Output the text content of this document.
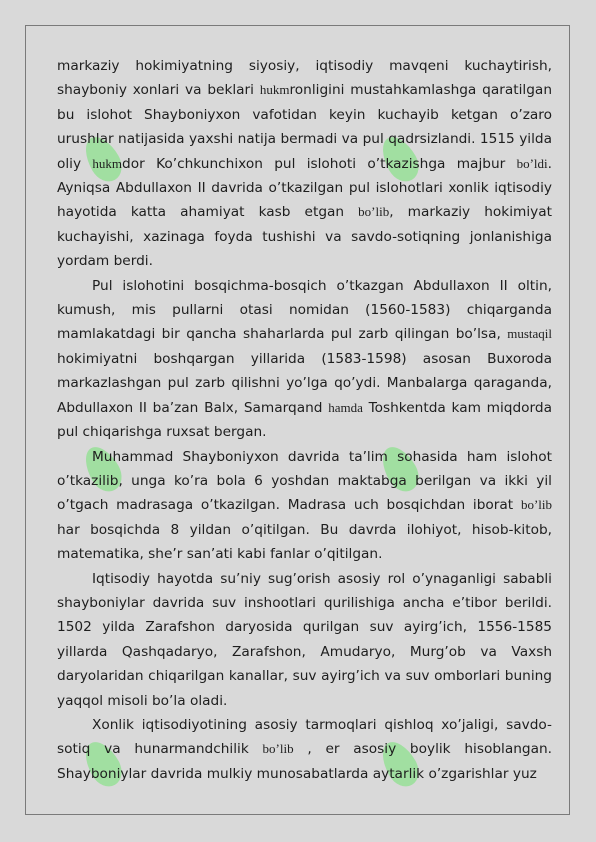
markaziy hokimiyatning siyosiy, iqtisodiy mavqeni kuchaytirish, shayboniy xonlari va beklari hukmronligini mustahkamlashga qaratilgan bu islohot Shayboniyxon vafotidan keyin kuchayib ketgan o’zaro urushlar natijasida yaxshi natija bermadi va pul qadrsizlandi. 1515 yilda oliy hukmdor Ko’chkunchixon pul islohoti o’tkazishga majbur bo’ldi. Ayniqsa Abdullaxon II davrida o’tkazilgan pul islohotlari xonlik iqtisodiy hayotida katta ahamiyat kasb etgan bo’lib, markaziy hokimiyat kuchayishi, xazinaga foyda tushishi va savdo-sotiqning jonlanishiga yordam berdi.

Pul islohotini bosqichma-bosqich o’tkazgan Abdullaxon II oltin, kumush, mis pullarni otasi nomidan (1560-1583) chiqarganda mamlakatdagi bir qancha shaharlarda pul zarb qilingan bo’lsa, mustaqil hokimiyatni boshqargan yillarida (1583-1598) asosan Buxoroda markazlashgan pul zarb qilishni yo’lga qo’ydi. Manbalarga qaraganda, Abdullaxon II ba’zan Balx, Samarqand hamda Toshkentda kam miqdorda pul chiqarishga ruxsat bergan.

Muhammad Shayboniyxon davrida ta’lim sohasida ham islohot o’tkazilib, unga ko’ra bola 6 yoshdan maktabga berilgan va ikki yil o’tgach madrasaga o’tkazilgan. Madrasa uch bosqichdan iborat bo’lib har bosqichda 8 yildan o’qitilgan. Bu davrda ilohiyot, hisob-kitob, matematika, she’r san’ati kabi fanlar o’qitilgan.

Iqtisodiy hayotda su’niy sug’orish asosiy rol o’ynaganligi sababli shayboniylar davrida suv inshootlari qurilishiga ancha e’tibor berildi. 1502 yilda Zarafshon daryosida qurilgan suv ayirg’ich, 1556-1585 yillarda Qashqadaryo, Zarafshon, Amudaryo, Murg’ob va Vaxsh daryolaridan chiqarilgan kanallar, suv ayirg’ich va suv omborlari buning yaqqol misoli bo’la oladi.

Xonlik iqtisodiyotining asosiy tarmoqlari qishloq xo’jaligi, savdo-sotiq va hunarmandchilik bo’lib , er asosiy boylik hisoblangan. Shayboniylar davrida mulkiy munosabatlarda aytarlik o’zgarishlar yuz
